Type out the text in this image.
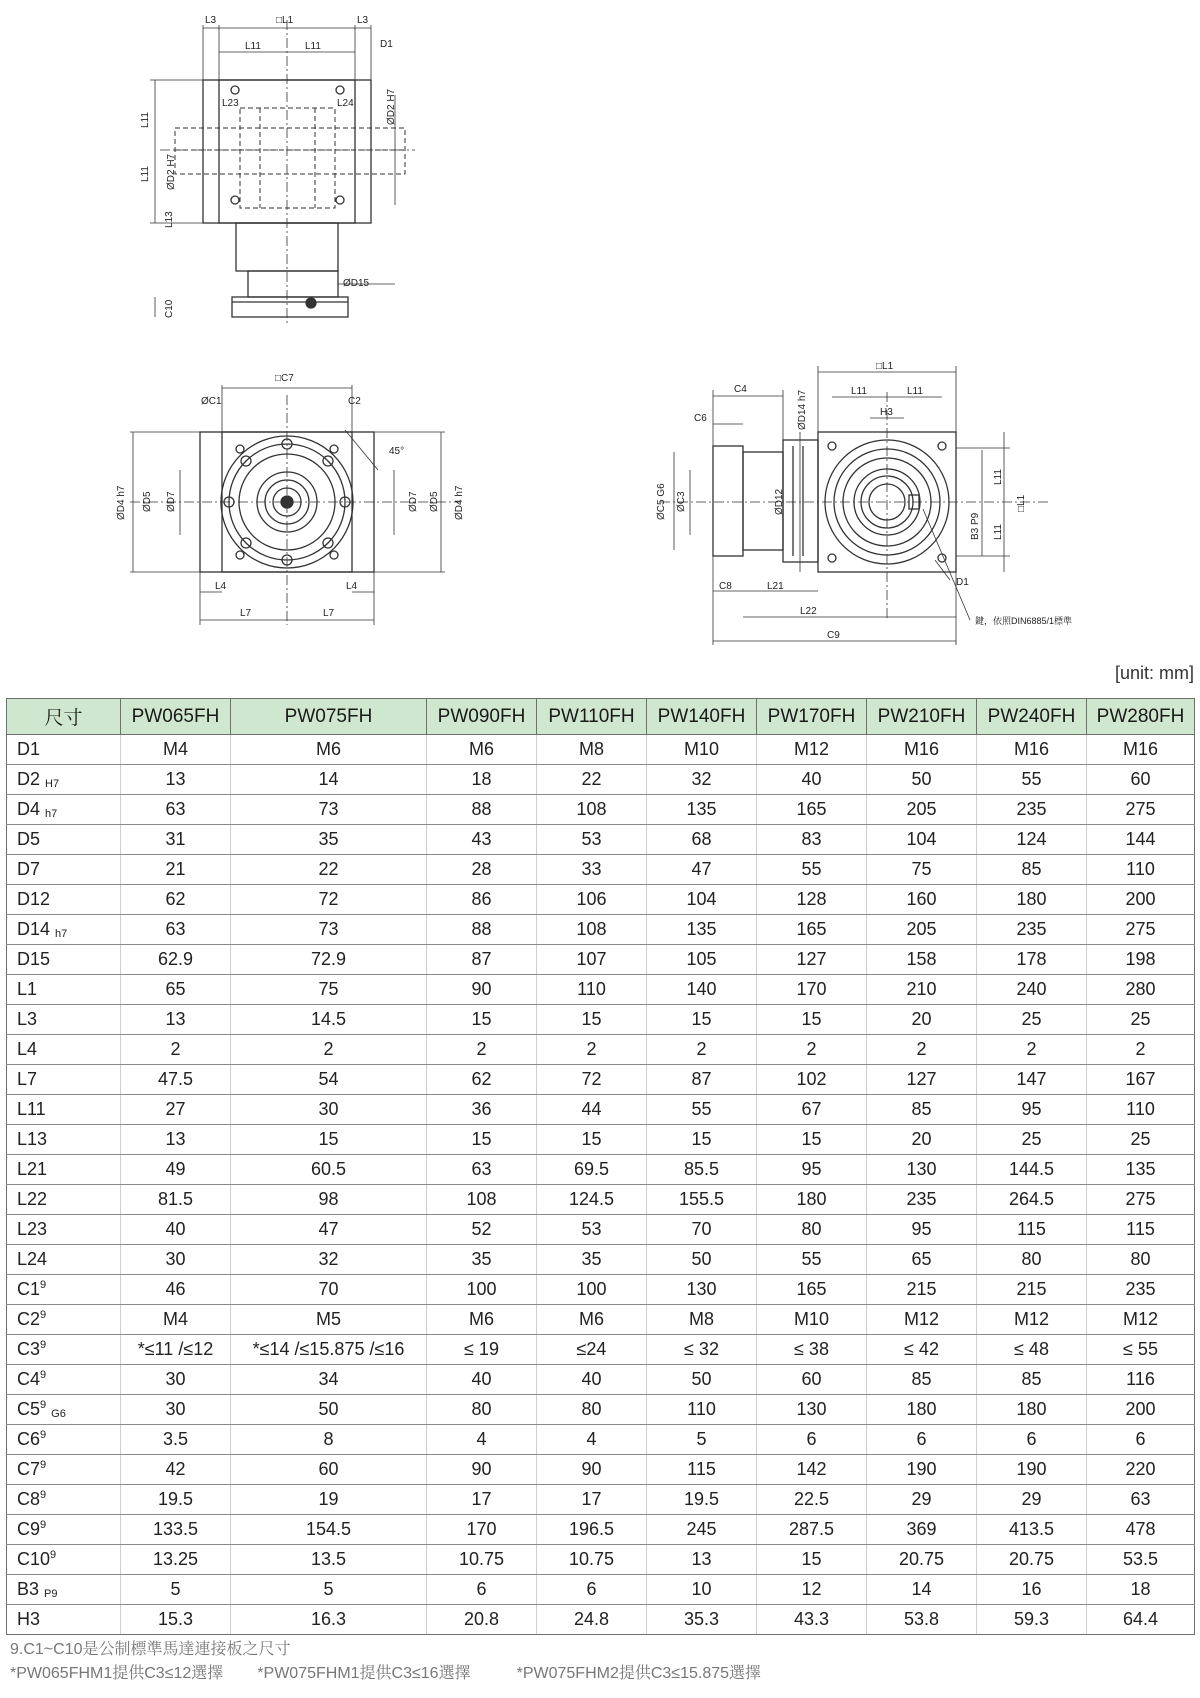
L3	□L1	L3
L11	L11	D1
L23	L24
L11
L11
ØD2 H7
ØD2 H7
L13
ØD15
C10
□C7
ØC1	C2
45°
ØD4 h7 ØD5 ØD7	ØD7 ØD5 ØD4 h7
L4	L4
L7	L7
□L1
C4	L11	L11
H3
C6	ØD14 h7
ØC5 G6 ØC3	ØD12
L11
L11
□L1
B3 P9
C8	L21	D1
L22
C9
鍵，依照DIN6885/1標準
[unit: mm]
尺寸	PW065FH	PW075FH	PW090FH	PW110FH	PW140FH	PW170FH	PW210FH	PW240FH	PW280FH
D1	M4	M6	M6	M8	M10	M12	M16	M16	M16
D2 $_{H7}$	13	14	18	22	32	40	50	55	60
D4 $_{h7}$	63	73	88	108	135	165	205	235	275
D5	31	35	43	53	68	83	104	124	144
D7	21	22	28	33	47	55	75	85	110
D12	62	72	86	106	104	128	160	180	200
D14 $_{h7}$	63	73	88	108	135	165	205	235	275
D15	62.9	72.9	87	107	105	127	158	178	198
L1	65	75	90	110	140	170	210	240	280
L3	13	14.5	15	15	15	15	20	25	25
L4	2	2	2	2	2	2	2	2	2
L7	47.5	54	62	72	87	102	127	147	167
L11	27	30	36	44	55	67	85	95	110
L13	13	15	15	15	15	15	20	25	25
L21	49	60.5	63	69.5	85.5	95	130	144.5	135
L22	81.5	98	108	124.5	155.5	180	235	264.5	275
L23	40	47	52	53	70	80	95	115	115
L24	30	32	35	35	50	55	65	80	80
$C1^9$	46	70	100	100	130	165	215	215	235
$C2^9$	M4	M5	M6	M6	M8	M10	M12	M12	M12
$C3^9$	*≤11 /≤12	*≤14 /≤15.875 /≤16	≤ 19	≤24	≤ 32	≤ 38	≤ 42	≤ 48	≤ 55
$C4^9$	30	34	40	40	50	60	85	85	116
$C5^9$ $_{G6}$	30	50	80	80	110	130	180	180	200
$C6^9$	3.5	8	4	4	5	6	6	6	6
$C7^9$	42	60	90	90	115	142	190	190	220
$C8^9$	19.5	19	17	17	19.5	22.5	29	29	63
$C9^9$	133.5	154.5	170	196.5	245	287.5	369	413.5	478
$C10^9$	13.25	13.5	10.75	10.75	13	15	20.75	20.75	53.5
B3 $_{P9}$	5	5	6	6	10	12	14	16	18
H3	15.3	16.3	20.8	24.8	35.3	43.3	53.8	59.3	64.4
9.C1~C10是公制標準馬達連接板之尺寸
*PW065FHM1提供C3≤12選擇 *PW075FHM1提供C3≤16選擇	*PW075FHM2提供C3≤15.875選擇
